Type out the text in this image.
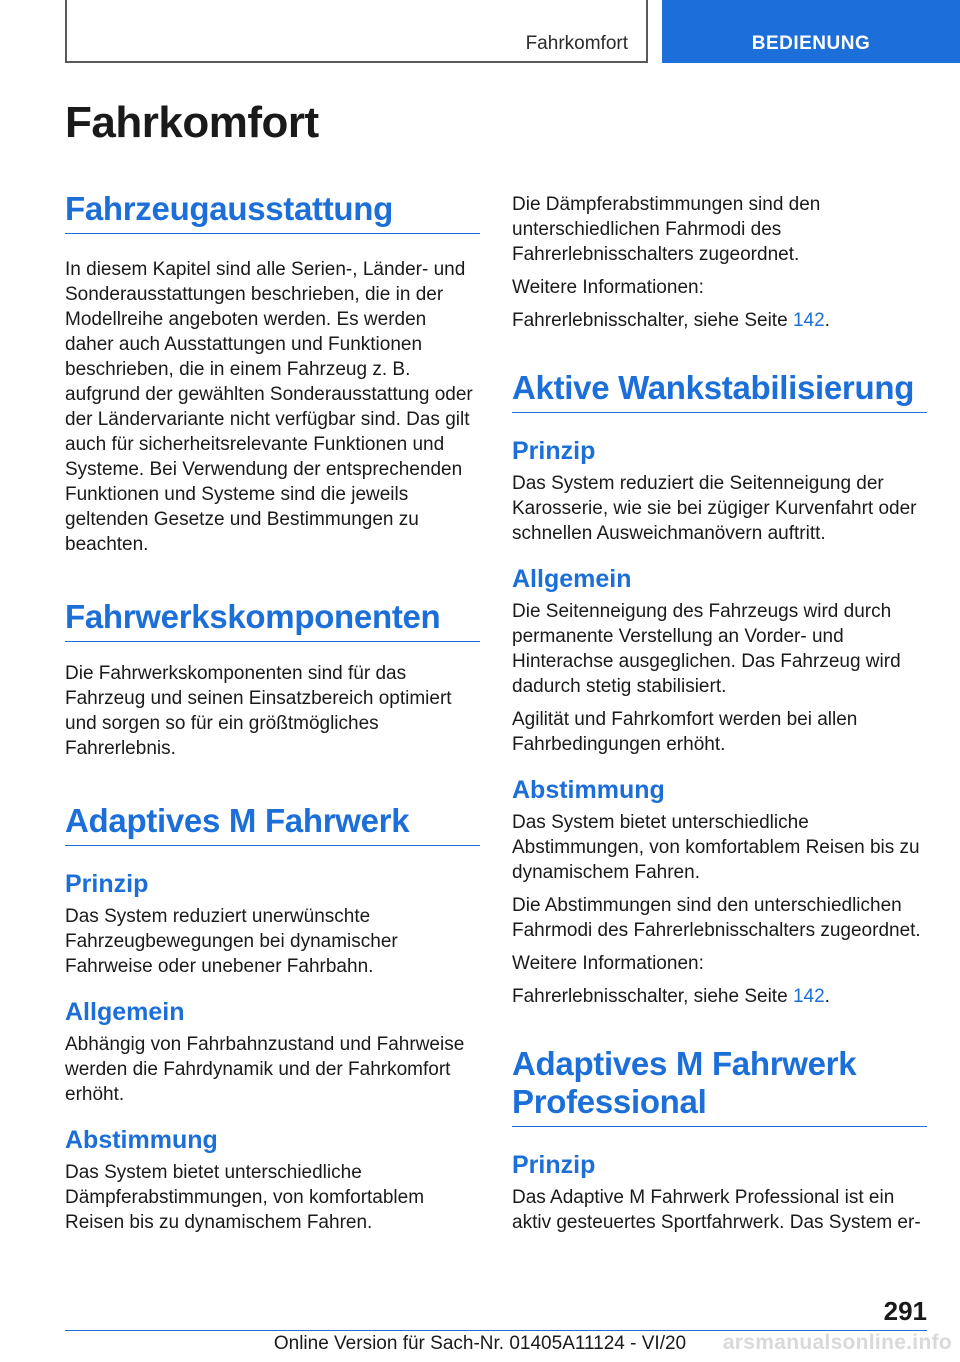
Fahrkomfort	BEDIENUNG
Fahrkomfort
Fahrzeugausstattung

In diesem Kapitel sind alle Serien-, Länder- und Sonderausstattungen beschrieben, die in der Modellreihe angeboten werden. Es werden daher auch Ausstattungen und Funktionen beschrieben, die in einem Fahrzeug z. B. aufgrund der gewählten Sonderausstattung oder der Ländervariante nicht verfügbar sind. Das gilt auch für sicherheitsrelevante Funktionen und Systeme. Bei Verwendung der entsprechenden Funktionen und Systeme sind die jeweils geltenden Gesetze und Bestimmungen zu beachten.

Fahrwerkskomponenten

Die Fahrwerkskomponenten sind für das Fahrzeug und seinen Einsatzbereich optimiert und sorgen so für ein größtmögliches Fahrerlebnis.

Adaptives M Fahrwerk
Prinzip

Das System reduziert unerwünschte Fahrzeugbewegungen bei dynamischer Fahrweise oder unebener Fahrbahn.

Allgemein

Abhängig von Fahrbahnzustand und Fahrweise werden die Fahrdynamik und der Fahrkomfort erhöht.

Abstimmung

Das System bietet unterschiedliche Dämpferabstimmungen, von komfortablem Reisen bis zu dynamischem Fahren.

Die Dämpferabstimmungen sind den unterschiedlichen Fahrmodi des Fahrerlebnisschalters zugeordnet.

Weitere Informationen:

Fahrerlebnisschalter, siehe Seite 142.

Aktive Wankstabilisierung
Prinzip

Das System reduziert die Seitenneigung der Karosserie, wie sie bei zügiger Kurvenfahrt oder schnellen Ausweichmanövern auftritt.

Allgemein

Die Seitenneigung des Fahrzeugs wird durch permanente Verstellung an Vorder- und Hinterachse ausgeglichen. Das Fahrzeug wird dadurch stetig stabilisiert.

Agilität und Fahrkomfort werden bei allen Fahrbedingungen erhöht.

Abstimmung

Das System bietet unterschiedliche Abstimmungen, von komfortablem Reisen bis zu dynamischem Fahren.

Die Abstimmungen sind den unterschiedlichen Fahrmodi des Fahrerlebnisschalters zugeordnet.

Weitere Informationen:

Fahrerlebnisschalter, siehe Seite 142.

Adaptives M Fahrwerk Professional
Prinzip

Das Adaptive M Fahrwerk Professional ist ein aktiv gesteuertes Sportfahrwerk. Das System er-

291
Online Version für Sach-Nr. 01405A11124 - VI/20	arsmanualsonline.info
